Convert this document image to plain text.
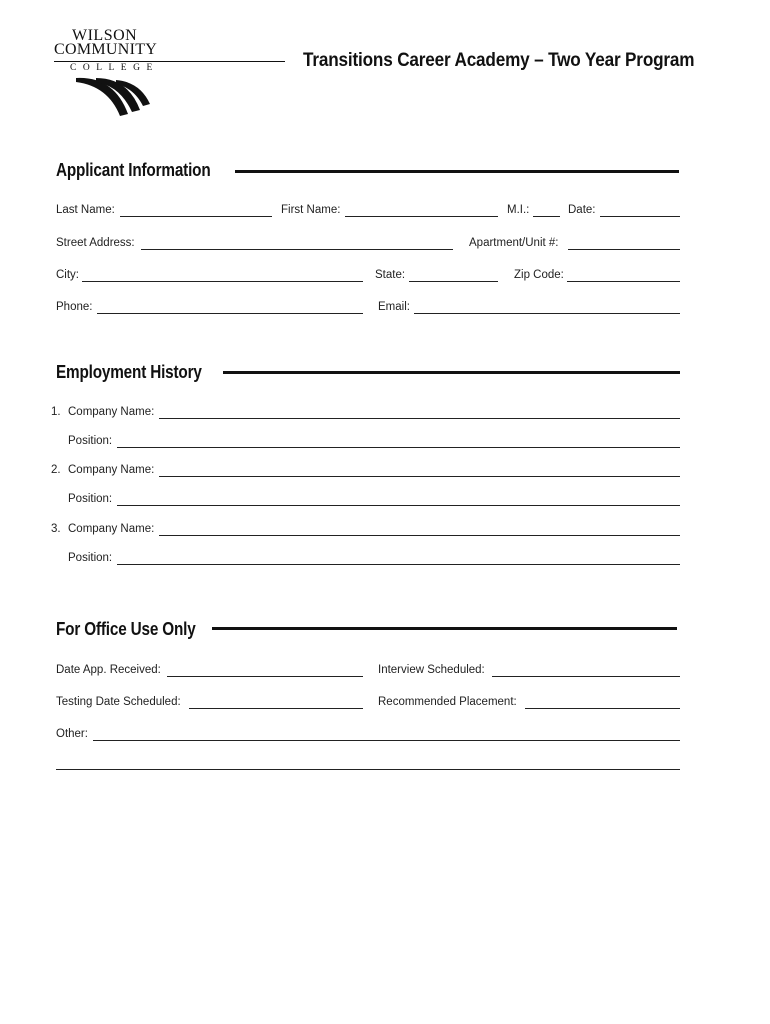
WILSON
COMMUNITY
COLLEGE	Transitions Career Academy – Two Year Program
Applicant Information
Last Name:	First Name:	M.I.:	Date:
Street Address:	Apartment/Unit #:
City:	State:	Zip Code:
Phone:	Email:
Employment History
1. Company Name:
Position:
2. Company Name:
Position:
3. Company Name:
Position:
For Office Use Only
Date App. Received:	Interview Scheduled:
Testing Date Scheduled:	Recommended Placement:
Other:
